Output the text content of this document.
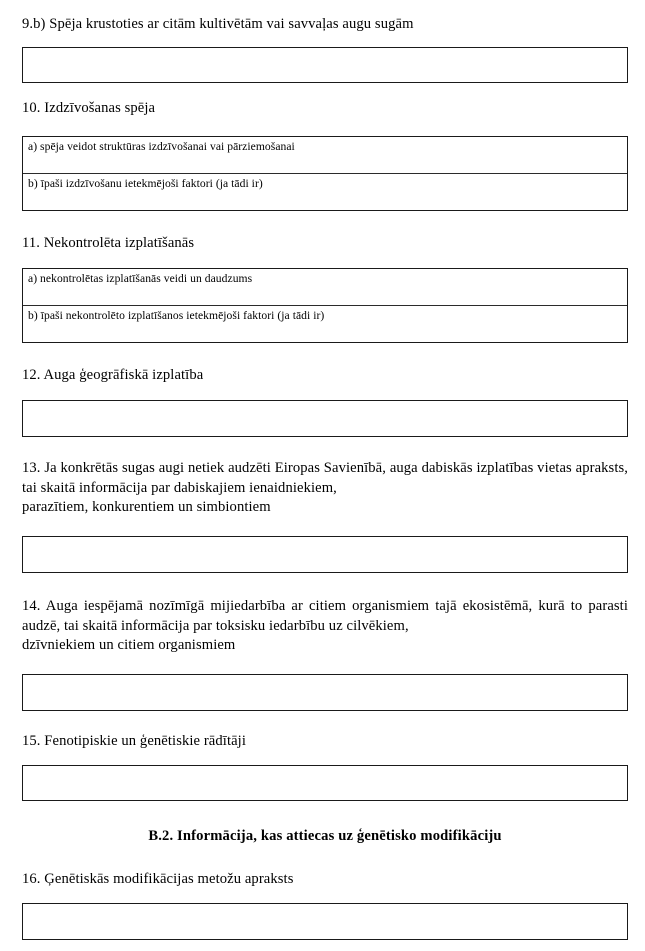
9.b) Spēja krustoties ar citām kultivētām vai savvaļas augu sugām
10. Izdzīvošanas spēja
a) spēja veidot struktūras izdzīvošanai vai pārziemošanai
b) īpaši izdzīvošanu ietekmējoši faktori (ja tādi ir)
11. Nekontrolēta izplatīšanās
a) nekontrolētas izplatīšanās veidi un daudzums
b) īpaši nekontrolēto izplatīšanos ietekmējoši faktori (ja tādi ir)
12. Auga ģeogrāfiskā izplatība
13. Ja konkrētās sugas augi netiek audzēti Eiropas Savienībā, auga dabiskās izplatības vietas apraksts, tai skaitā informācija par dabiskajiem ienaidniekiem,
parazītiem, konkurentiem un simbiontiem
14. Auga iespējamā nozīmīgā mijiedarbība ar citiem organismiem tajā ekosistēmā, kurā to parasti audzē, tai skaitā informācija par toksisku iedarbību uz cilvēkiem,
dzīvniekiem un citiem organismiem
15. Fenotipiskie un ģenētiskie rādītāji
B.2. Informācija, kas attiecas uz ģenētisko modifikāciju
16. Ģenētiskās modifikācijas metožu apraksts
